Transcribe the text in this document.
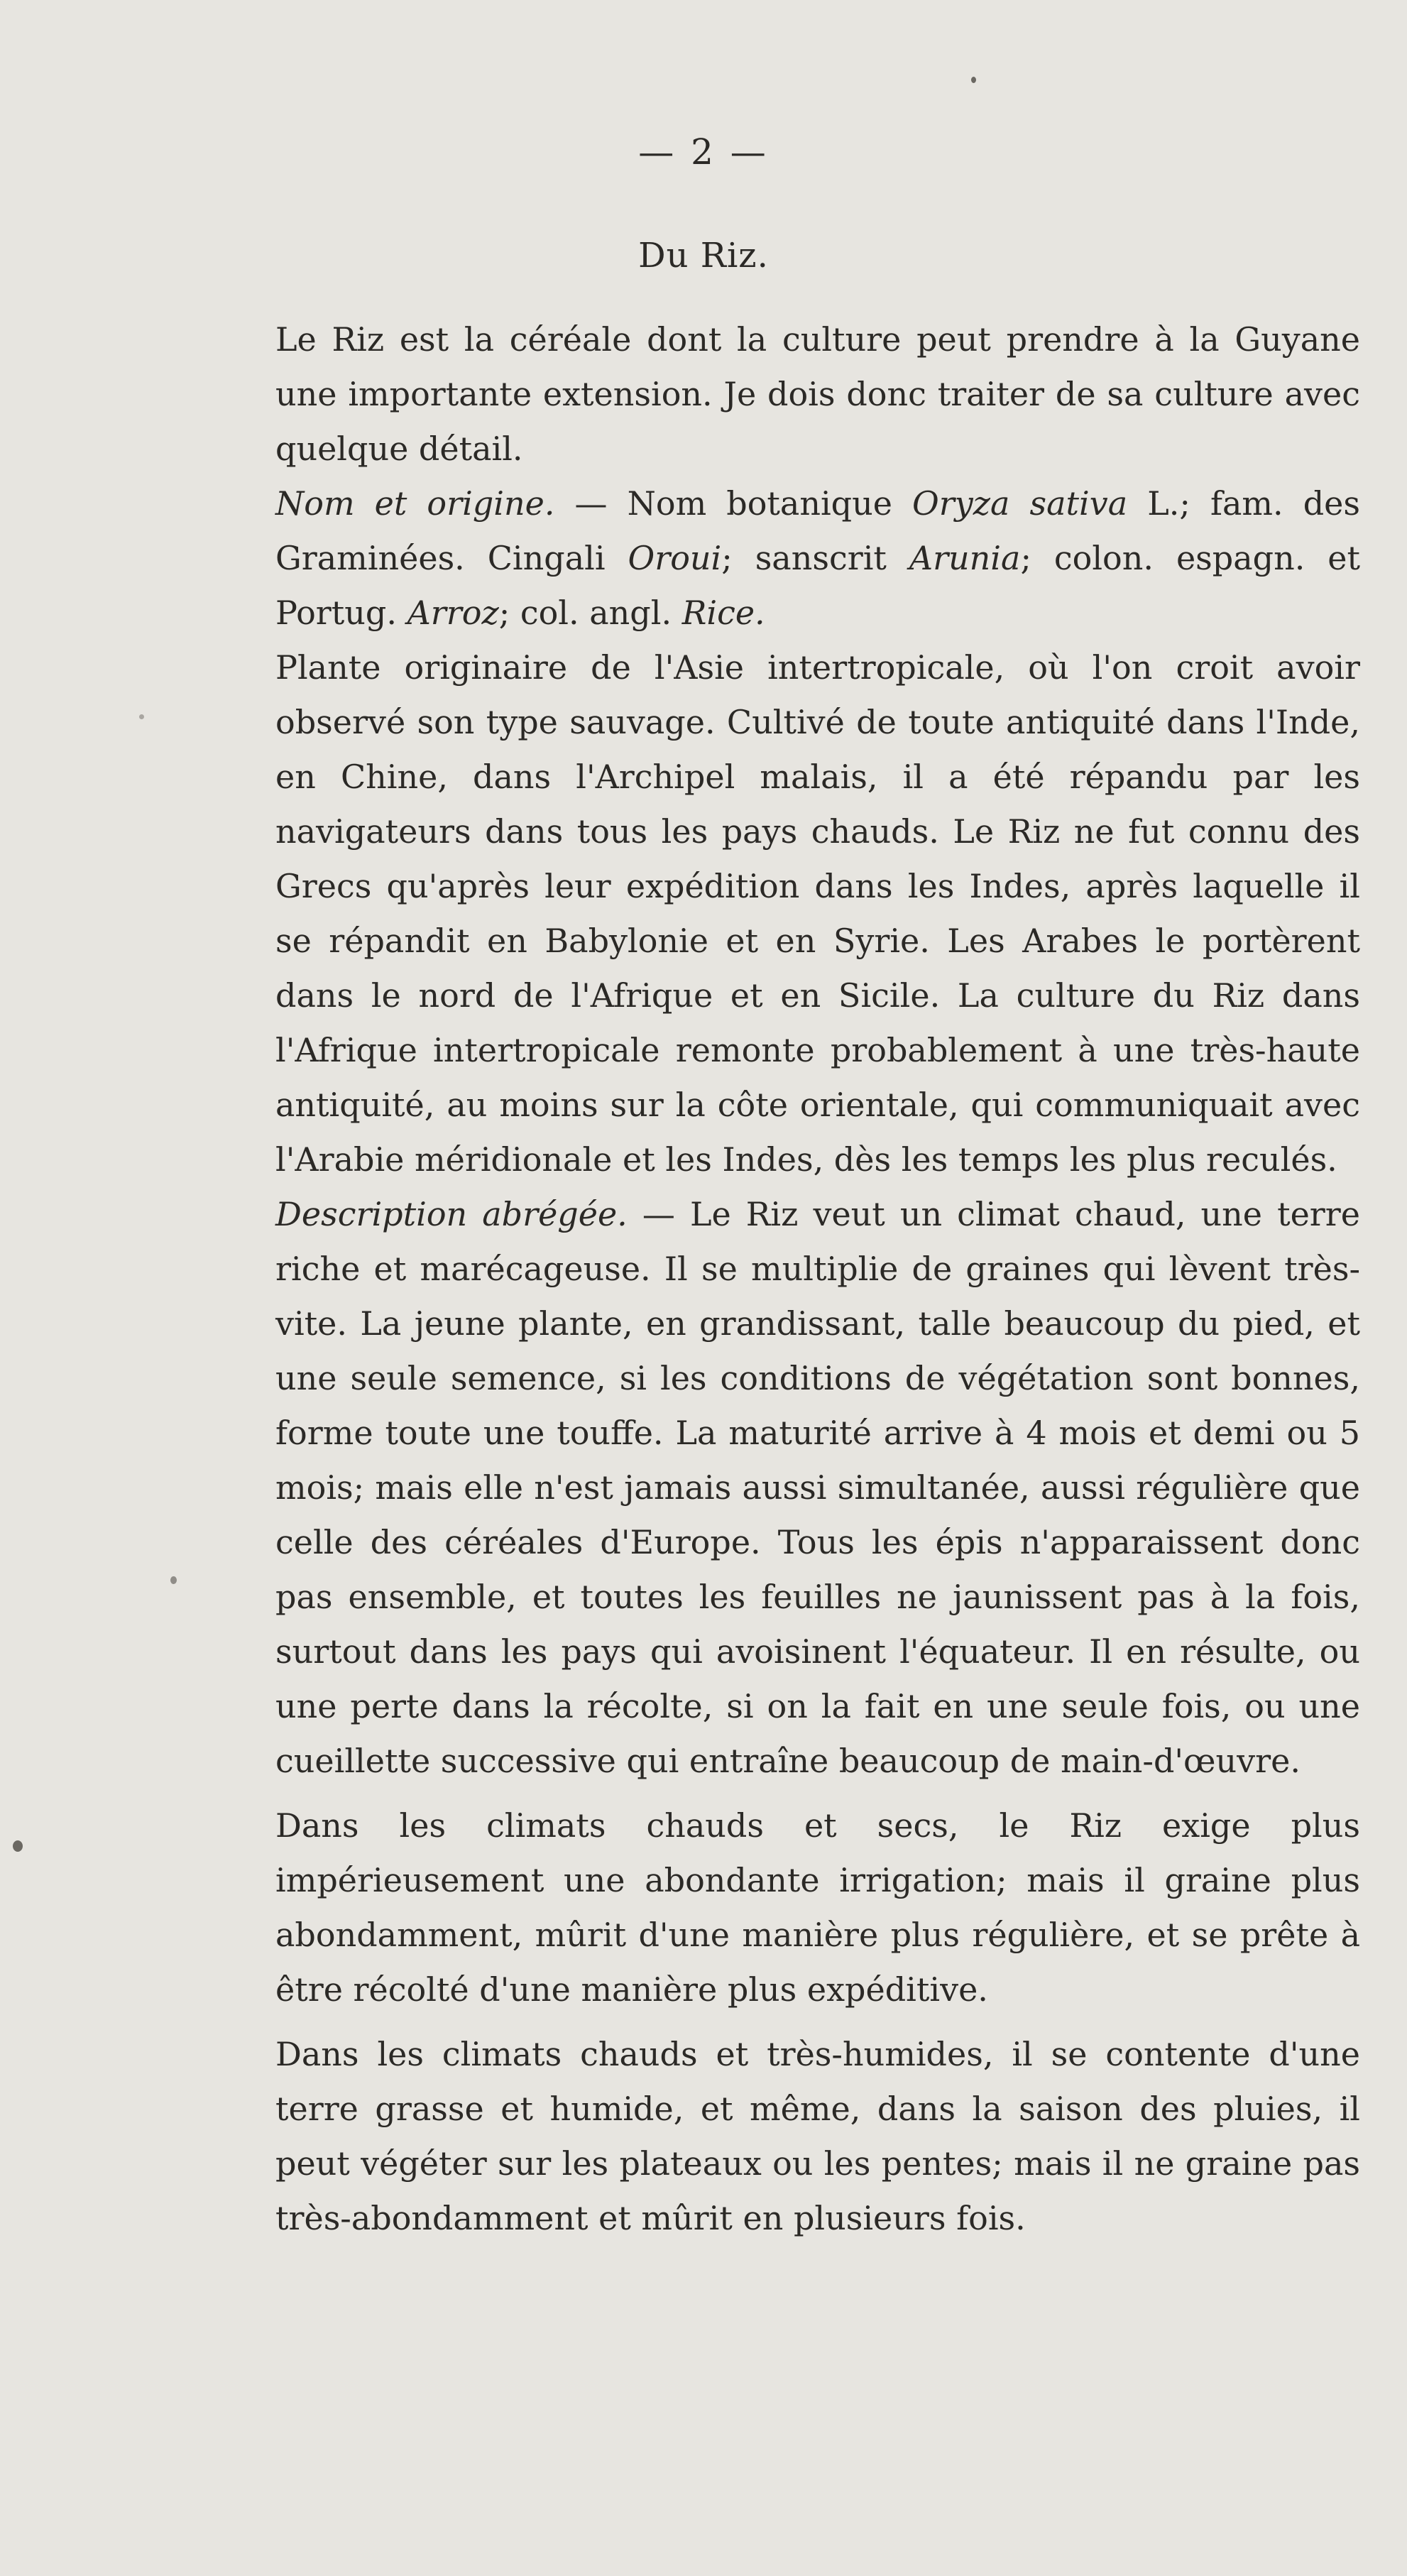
— 2 —
Du Riz.

Le Riz est la céréale dont la culture peut prendre à la Guyane une importante extension. Je dois donc traiter de sa culture avec quelque détail.

Nom et origine. — Nom botanique Oryza sativa L.; fam. des Graminées. Cingali Oroui; sanscrit Arunia; colon. espagn. et Portug. Arroz; col. angl. Rice.

Plante originaire de l'Asie intertropicale, où l'on croit avoir observé son type sauvage. Cultivé de toute antiquité dans l'Inde, en Chine, dans l'Archipel malais, il a été répandu par les navigateurs dans tous les pays chauds. Le Riz ne fut connu des Grecs qu'après leur expédition dans les Indes, après laquelle il se répandit en Babylonie et en Syrie. Les Arabes le portèrent dans le nord de l'Afrique et en Sicile. La culture du Riz dans l'Afrique intertropicale remonte probablement à une très-haute antiquité, au moins sur la côte orientale, qui communiquait avec l'Arabie méridionale et les Indes, dès les temps les plus reculés.

Description abrégée. — Le Riz veut un climat chaud, une terre riche et marécageuse. Il se multiplie de graines qui lèvent très-vite. La jeune plante, en grandissant, talle beaucoup du pied, et une seule semence, si les conditions de végétation sont bonnes, forme toute une touffe. La maturité arrive à 4 mois et demi ou 5 mois; mais elle n'est jamais aussi simultanée, aussi régulière que celle des céréales d'Europe. Tous les épis n'apparaissent donc pas ensemble, et toutes les feuilles ne jaunissent pas à la fois, surtout dans les pays qui avoisinent l'équateur. Il en résulte, ou une perte dans la récolte, si on la fait en une seule fois, ou une cueillette successive qui entraîne beaucoup de main-d'œuvre.

Dans les climats chauds et secs, le Riz exige plus impérieusement une abondante irrigation; mais il graine plus abondamment, mûrit d'une manière plus régulière, et se prête à être récolté d'une manière plus expéditive.

Dans les climats chauds et très-humides, il se contente d'une terre grasse et humide, et même, dans la saison des pluies, il peut végéter sur les plateaux ou les pentes; mais il ne graine pas très-abondamment et mûrit en plusieurs fois.
